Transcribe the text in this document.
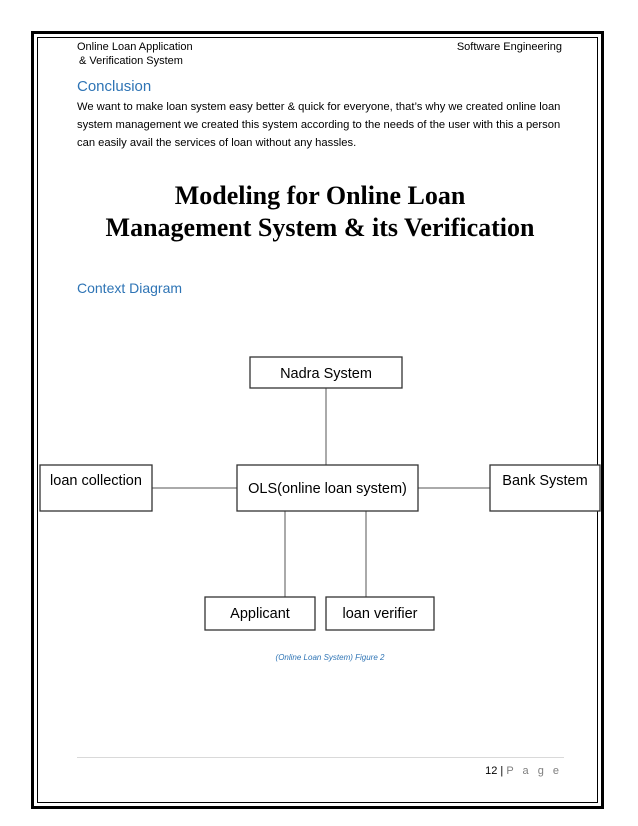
Online Loan Application
& Verification System
Software Engineering
Conclusion
We want to make loan system easy better & quick for everyone, that’s why we created online loan system management we created this system according to the needs of the user with this a person can easily avail the services of loan without any hassles.
Modeling for Online Loan
Management System & its Verification
Context Diagram
Nadra System
OLS(online loan system)
loan collection	Bank System
Applicant	loan verifier
(Online Loan System) Figure 2
12 | P a g e
